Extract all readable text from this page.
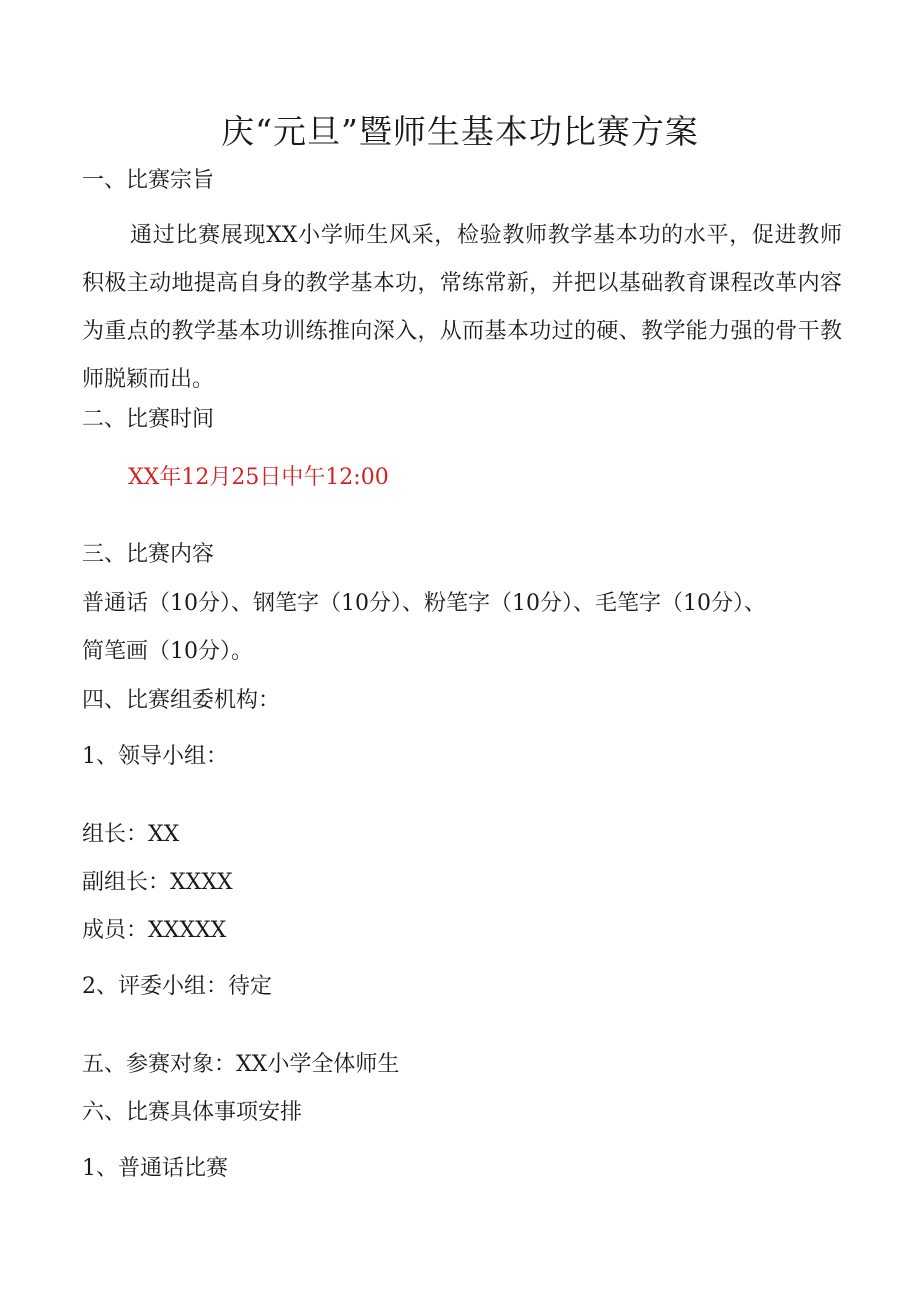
庆“元旦”暨师生基本功比赛方案
一、比赛宗旨
通过比赛展现XX小学师生风采，检验教师教学基本功的水平，促进教师积极主动地提高自身的教学基本功，常练常新，并把以基础教育课程改革内容为重点的教学基本功训练推向深入，从而基本功过的硬、教学能力强的骨干教师脱颖而出。
二、比赛时间
XX年12月25日中午12:00
三、比赛内容
普通话（10分）、钢笔字（10分）、粉笔字（10分）、毛笔字（10分）、
简笔画（10分）。
四、比赛组委机构：
1、领导小组：
组长：XX
副组长：XXXX
成员：XXXXX
2、评委小组：待定
五、参赛对象：XX小学全体师生
六、比赛具体事项安排
1、普通话比赛
